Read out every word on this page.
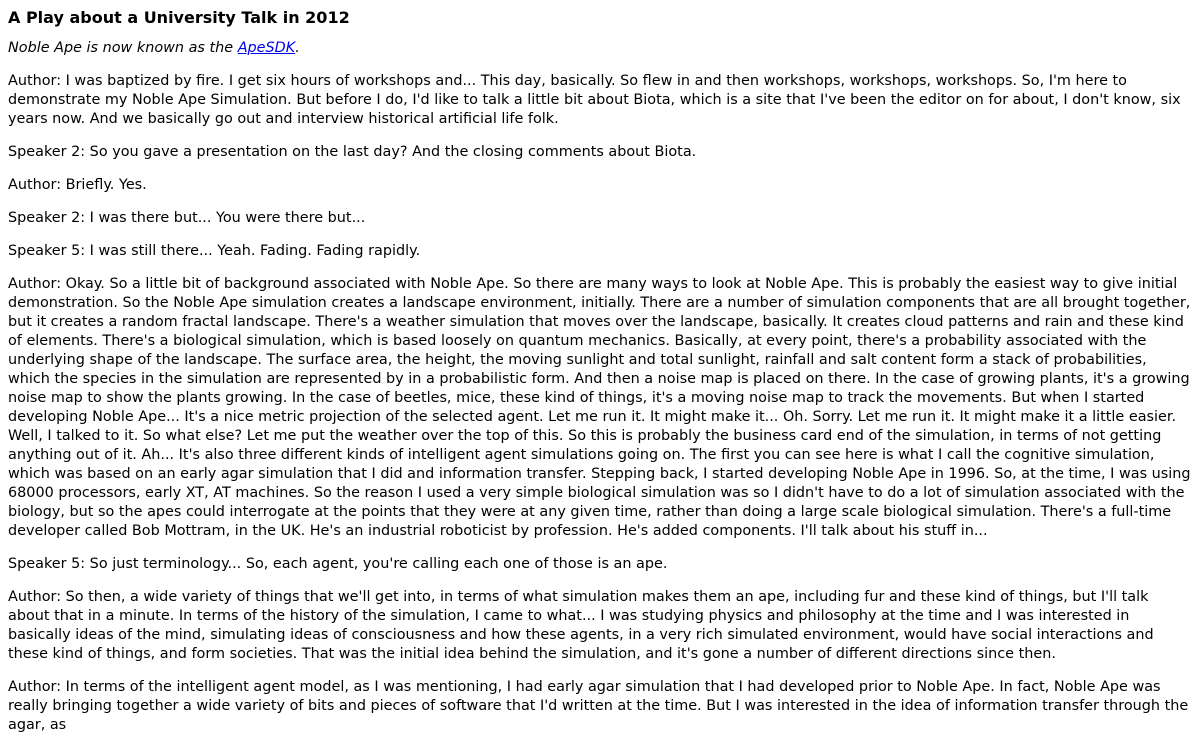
A Play about a University Talk in 2012

Noble Ape is now known as the ApeSDK.

Author: I was baptized by fire. I get six hours of workshops and... This day, basically. So flew in and then workshops, workshops, workshops. So, I'm here to demonstrate my Noble Ape Simulation. But before I do, I'd like to talk a little bit about Biota, which is a site that I've been the editor on for about, I don't know, six years now. And we basically go out and interview historical artificial life folk.

Speaker 2: So you gave a presentation on the last day? And the closing comments about Biota.

Author: Briefly. Yes.

Speaker 2: I was there but... You were there but...

Speaker 5: I was still there... Yeah. Fading. Fading rapidly.

Author: Okay. So a little bit of background associated with Noble Ape. So there are many ways to look at Noble Ape. This is probably the easiest way to give initial demonstration. So the Noble Ape simulation creates a landscape environment, initially. There are a number of simulation components that are all brought together, but it creates a random fractal landscape. There's a weather simulation that moves over the landscape, basically. It creates cloud patterns and rain and these kind of elements. There's a biological simulation, which is based loosely on quantum mechanics. Basically, at every point, there's a probability associated with the underlying shape of the landscape. The surface area, the height, the moving sunlight and total sunlight, rainfall and salt content form a stack of probabilities, which the species in the simulation are represented by in a probabilistic form. And then a noise map is placed on there. In the case of growing plants, it's a growing noise map to show the plants growing. In the case of beetles, mice, these kind of things, it's a moving noise map to track the movements. But when I started developing Noble Ape... It's a nice metric projection of the selected agent. Let me run it. It might make it... Oh. Sorry. Let me run it. It might make it a little easier. Well, I talked to it. So what else? Let me put the weather over the top of this. So this is probably the business card end of the simulation, in terms of not getting anything out of it. Ah... It's also three different kinds of intelligent agent simulations going on. The first you can see here is what I call the cognitive simulation, which was based on an early agar simulation that I did and information transfer. Stepping back, I started developing Noble Ape in 1996. So, at the time, I was using 68000 processors, early XT, AT machines. So the reason I used a very simple biological simulation was so I didn't have to do a lot of simulation associated with the biology, but so the apes could interrogate at the points that they were at any given time, rather than doing a large scale biological simulation. There's a full-time developer called Bob Mottram, in the UK. He's an industrial roboticist by profession. He's added components. I'll talk about his stuff in...

Speaker 5: So just terminology... So, each agent, you're calling each one of those is an ape.

Author: So then, a wide variety of things that we'll get into, in terms of what simulation makes them an ape, including fur and these kind of things, but I'll talk about that in a minute. In terms of the history of the simulation, I came to what... I was studying physics and philosophy at the time and I was interested in basically ideas of the mind, simulating ideas of consciousness and how these agents, in a very rich simulated environment, would have social interactions and these kind of things, and form societies. That was the initial idea behind the simulation, and it's gone a number of different directions since then.

Author: In terms of the intelligent agent model, as I was mentioning, I had early agar simulation that I had developed prior to Noble Ape. In fact, Noble Ape was really bringing together a wide variety of bits and pieces of software that I'd written at the time. But I was interested in the idea of information transfer through the agar, as
